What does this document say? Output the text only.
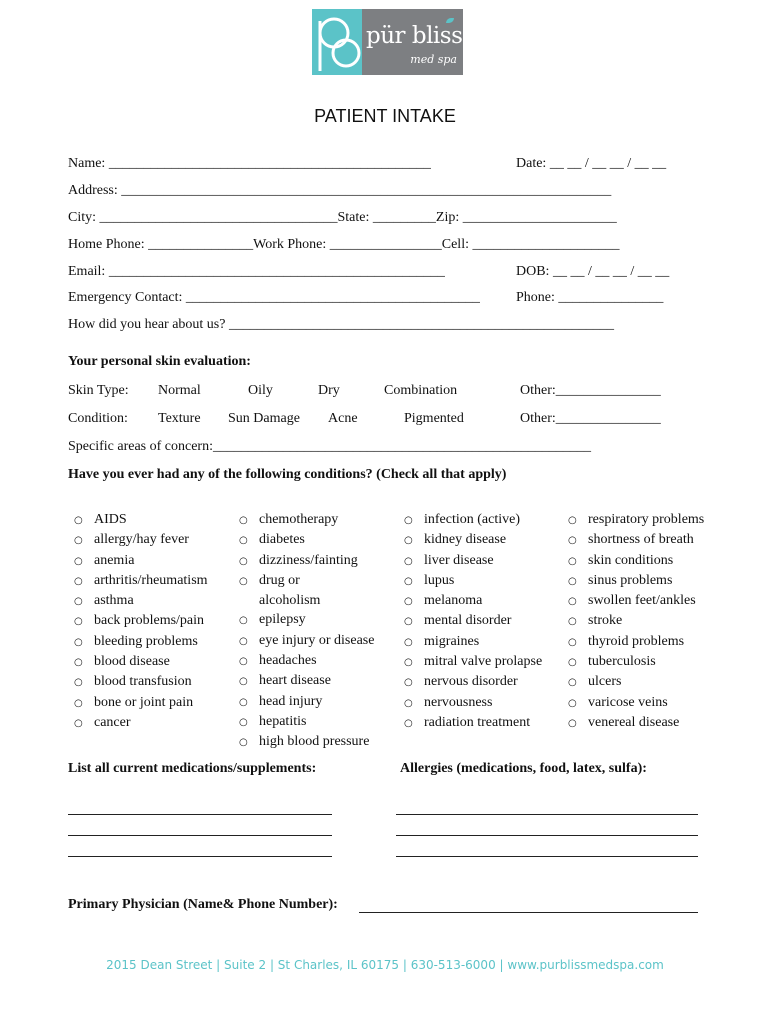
pür bliss
med spa
PATIENT INTAKE
Name: ______________________________________________	Date: __ __ / __ __ / __ __
Address: ______________________________________________________________________
City: __________________________________State: _________Zip: ______________________
Home Phone: _______________Work Phone: ________________Cell: _____________________
Email: ________________________________________________	DOB: __ __ / __ __ / __ __
Emergency Contact: __________________________________________	Phone: _______________
How did you hear about us? _______________________________________________________
Your personal skin evaluation:
Skin Type: Normal	Oily	Dry	Combination	Other:_______________
Condition: Texture Sun Damage Acne	Pigmented	Other:_______________
Specific areas of concern:______________________________________________________
Have you ever had any of the following conditions? (Check all that apply)
○ AIDS
○ allergy/hay fever
○ anemia
○ arthritis/rheumatism
○ asthma
○ back problems/pain
○ bleeding problems
○ blood disease
○ blood transfusion
○ bone or joint pain
○ cancer
○ chemotherapy
○ diabetes
○ dizziness/fainting
○ drug or
alcoholism
○ epilepsy
○ eye injury or disease
○ headaches
○ heart disease
○ head injury
○ hepatitis
○ high blood pressure
○ infection (active)
○ kidney disease
○ liver disease
○ lupus
○ melanoma
○ mental disorder
○ migraines
○ mitral valve prolapse
○ nervous disorder
○ nervousness
○ radiation treatment
○ respiratory problems
○ shortness of breath
○ skin conditions
○ sinus problems
○ swollen feet/ankles
○ stroke
○ thyroid problems
○ tuberculosis
○ ulcers
○ varicose veins
○ venereal disease
List all current medications/supplements:	Allergies (medications, food, latex, sulfa):
Primary Physician (Name& Phone Number):
2015 Dean Street | Suite 2 | St Charles, IL 60175 | 630-513-6000 | www.purblissmedspa.com
